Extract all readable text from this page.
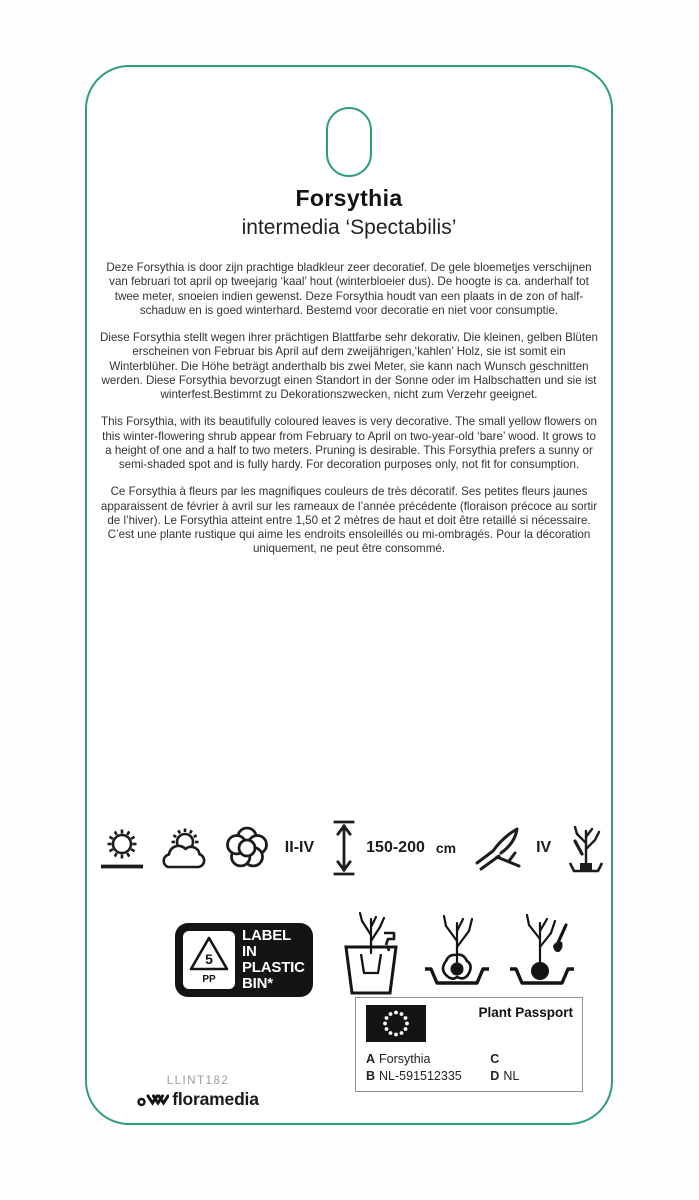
Forsythia
intermedia ‘Spectabilis’

Deze Forsythia is door zijn prachtige bladkleur zeer decoratief. De gele bloemetjes verschijnen van februari tot april op tweejarig ‘kaal’ hout (winterbloeier dus). De hoogte is ca. anderhalf tot twee meter, snoeien indien gewenst. Deze Forsythia houdt van een plaats in de zon of half- schaduw en is goed winterhard. Bestemd voor decoratie en niet voor consumptie.

Diese Forsythia stellt wegen ihrer prächtigen Blattfarbe sehr dekorativ. Die kleinen, gelben Blüten erscheinen von Februar bis April auf dem zweijährigen,‘kahlen’ Holz, sie ist somit ein Winterblüher. Die Höhe beträgt anderthalb bis zwei Meter, sie kann nach Wunsch geschnitten werden. Diese Forsythia bevorzugt einen Standort in der Sonne oder im Halbschatten und sie ist winterfest.Bestimmt zu Dekorationszwecken, nicht zum Verzehr geeignet.

This Forsythia, with its beautifully coloured leaves is very decorative. The small yellow flowers on this winter-flowering shrub appear from February to April on two-year-old ‘bare’ wood. It grows to a height of one and a half to two meters. Pruning is desirable. This Forsythia prefers a sunny or semi-shaded spot and is fully hardy. For decoration purposes only, not fit for consumption.

Ce Forsythia à fleurs par les magnifiques couleurs de très décoratif. Ses petites fleurs jaunes apparaissent de février à avril sur les rameaux de l’année précédente (floraison précoce au sortir de l’hiver). Le Forsythia atteint entre 1,50 et 2 mètres de haut et doit être retaillé si nécessaire. C’est une plante rustique qui aime les endroits ensoleillés ou mi-ombragés. Pour la décoration uniquement, ne peut être consommé.

II-IV	150-200 cm	IV
5
PP
LABEL IN
PLASTIC
BIN*
Plant Passport
A Forsythia	C
B NL-591512335 D NL
LLINT182
floramedia
